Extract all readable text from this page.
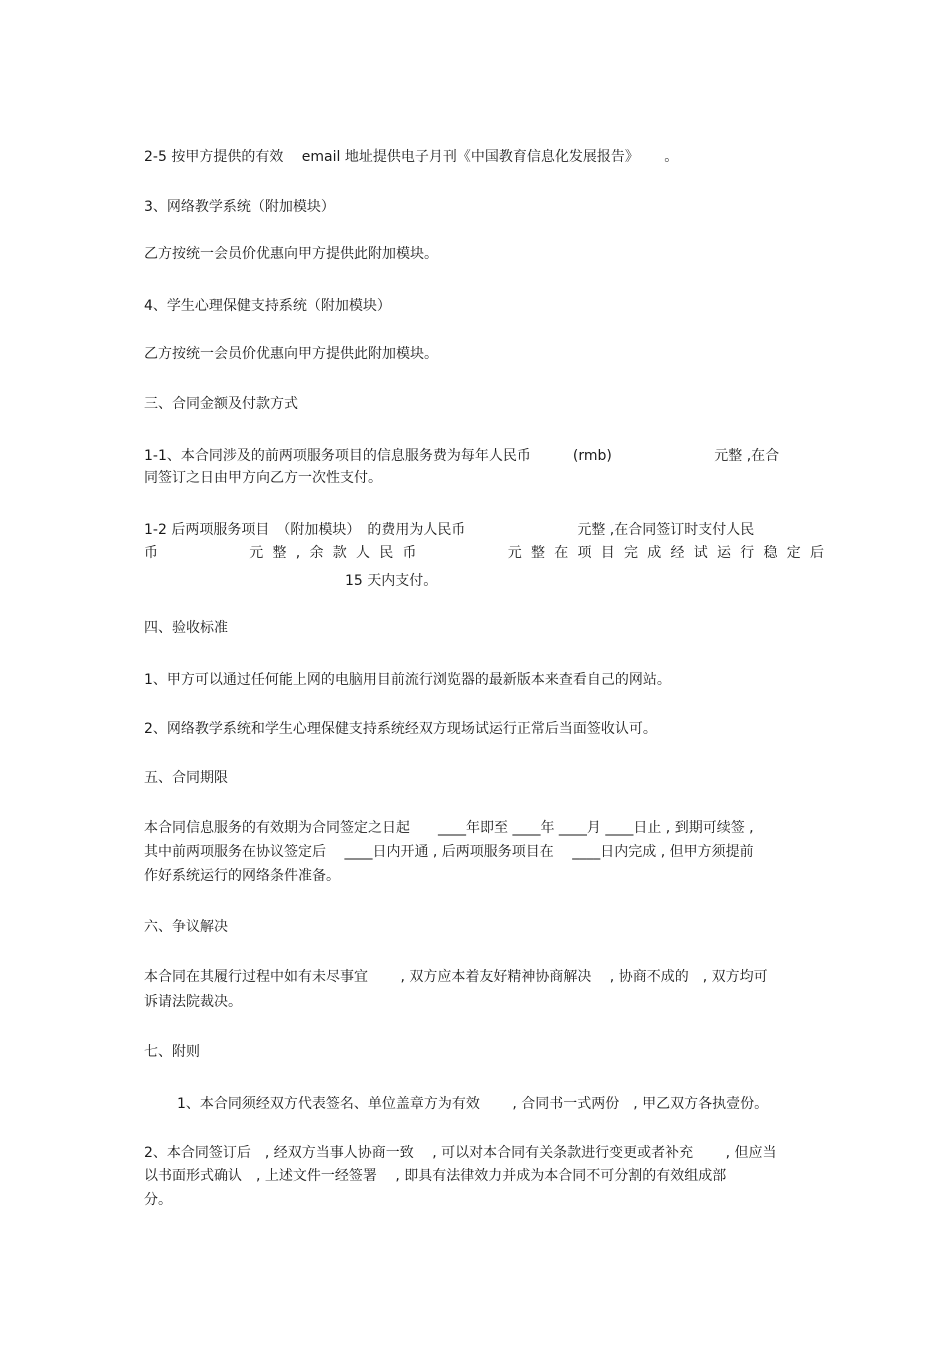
2-5 按甲方提供的有效　 email 地址提供电子月刊《中国教育信息化发展报告》　　 。

3、网络教学系统（附加模块）

乙方按统一会员价优惠向甲方提供此附加模块。

4、学生心理保健支持系统（附加模块）

乙方按统一会员价优惠向甲方提供此附加模块。

三、合同金额及付款方式

1-1、本合同涉及的前两项服务项目的信息服务费为每年人民币　　　(rmb)　　　　　　　 元整 ,在合

同签订之日由甲方向乙方一次性支付。

1-2 后两项服务项目　（附加模块）　的费用为人民币　　　　　　　　元整 ,在合同签订时支付人民

币　　　　　 元 整 , 余 款 人 民 币　　　　　 元 整 在 项 目 完 成 经 试 运 行 稳 定 后

15 天内支付。

四、验收标准

1、甲方可以通过任何能上网的电脑用目前流行浏览器的最新版本来查看自己的网站。

2、网络教学系统和学生心理保健支持系统经双方现场试运行正常后当面签收认可。

五、合同期限

本合同信息服务的有效期为合同签定之日起　　____年即至 ____年 ____月 ____日止 , 到期可续签 ,

其中前两项服务在协议签定后　 ____日内开通 , 后两项服务项目在　 ____日内完成 , 但甲方须提前

作好系统运行的网络条件准备。

六、争议解决

本合同在其履行过程中如有未尽事宜　　 , 双方应本着友好精神协商解决　 , 协商不成的　, 双方均可

诉请法院裁决。

七、附则

1、本合同须经双方代表签名、单位盖章方为有效　　 , 合同书一式两份　, 甲乙双方各执壹份。

2、本合同签订后　, 经双方当事人协商一致　 , 可以对本合同有关条款进行变更或者补充　　 , 但应当

以书面形式确认　, 上述文件一经签署　 , 即具有法律效力并成为本合同不可分割的有效组成部

分。
